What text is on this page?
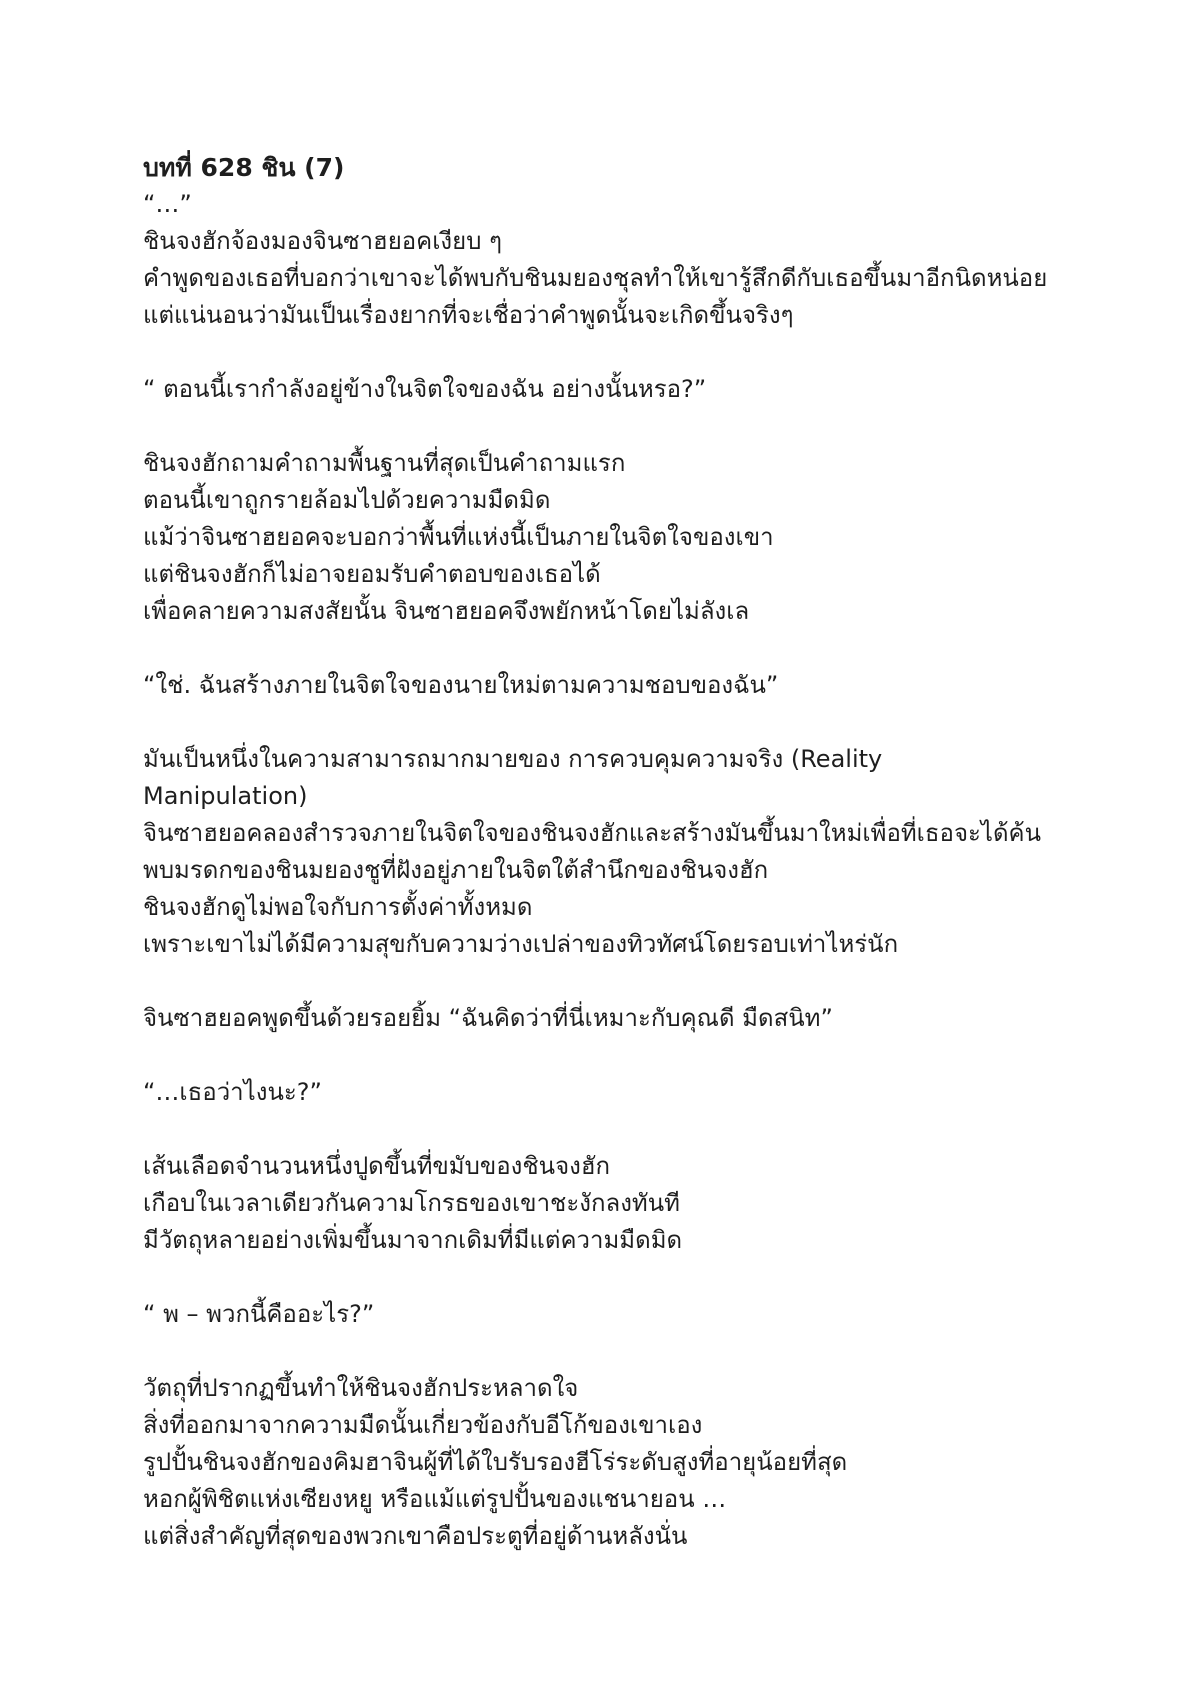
บทที่ 628 ชิน (7)
“…”
ชินจงฮักจ้องมองจินซาฮยอคเงียบ ๆ
คำพูดของเธอที่บอกว่าเขาจะได้พบกับชินมยองชุลทำให้เขารู้สึกดีกับเธอขึ้นมาอีกนิดหน่อย
แต่แน่นอนว่ามันเป็นเรื่องยากที่จะเชื่อว่าคำพูดนั้นจะเกิดขึ้นจริงๆ
“ ตอนนี้เรากำลังอยู่ข้างในจิตใจของฉัน อย่างนั้นหรอ?”
ชินจงฮักถามคำถามพื้นฐานที่สุดเป็นคำถามแรก
ตอนนี้เขาถูกรายล้อมไปด้วยความมืดมิด
แม้ว่าจินซาฮยอคจะบอกว่าพื้นที่แห่งนี้เป็นภายในจิตใจของเขา
แต่ชินจงฮักก็ไม่อาจยอมรับคำตอบของเธอได้
เพื่อคลายความสงสัยนั้น จินซาฮยอคจึงพยักหน้าโดยไม่ลังเล
“ใช่. ฉันสร้างภายในจิตใจของนายใหม่ตามความชอบของฉัน”
มันเป็นหนึ่งในความสามารถมากมายของ การควบคุมความจริง (Reality Manipulation)
จินซาฮยอคลองสำรวจภายในจิตใจของชินจงฮักและสร้างมันขึ้นมาใหม่เพื่อที่เธอจะได้ค้นพบมรดกของชินมยองชูที่ฝังอยู่ภายในจิตใต้สำนึกของชินจงฮัก
ชินจงฮักดูไม่พอใจกับการตั้งค่าทั้งหมด
เพราะเขาไม่ได้มีความสุขกับความว่างเปล่าของทิวทัศน์โดยรอบเท่าไหร่นัก
จินซาฮยอคพูดขึ้นด้วยรอยยิ้ม “ฉันคิดว่าที่นี่เหมาะกับคุณดี มืดสนิท”
“…เธอว่าไงนะ?”
เส้นเลือดจำนวนหนึ่งปูดขึ้นที่ขมับของชินจงฮัก
เกือบในเวลาเดียวกันความโกรธของเขาชะงักลงทันที
มีวัตถุหลายอย่างเพิ่มขึ้นมาจากเดิมที่มีแต่ความมืดมิด
“ พ – พวกนี้คืออะไร?”
วัตถุที่ปรากฏขึ้นทำให้ชินจงฮักประหลาดใจ
สิ่งที่ออกมาจากความมืดนั้นเกี่ยวข้องกับอีโก้ของเขาเอง
รูปปั้นชินจงฮักของคิมฮาจินผู้ที่ได้ใบรับรองฮีโร่ระดับสูงที่อายุน้อยที่สุด
หอกผู้พิชิตแห่งเซียงหยู หรือแม้แต่รูปปั้นของแชนายอน …
แต่สิ่งสำคัญที่สุดของพวกเขาคือประตูที่อยู่ด้านหลังนั่น
